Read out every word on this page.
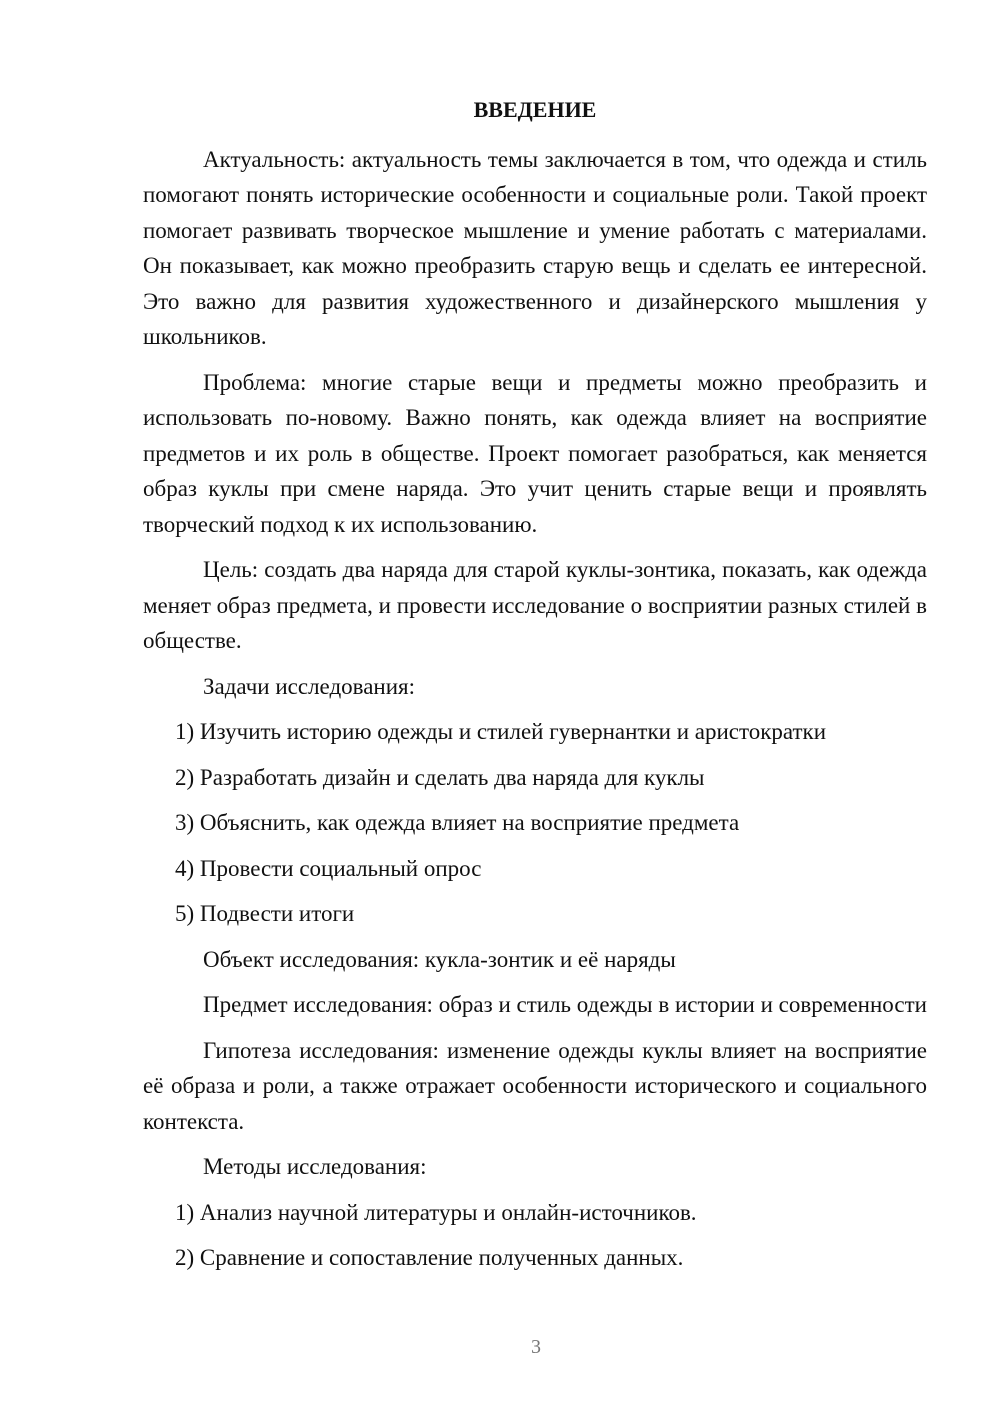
ВВЕДЕНИЕ

Актуальность: актуальность темы заключается в том, что одежда и стиль помогают понять исторические особенности и социальные роли. Такой проект помогает развивать творческое мышление и умение работать с материалами. Он показывает, как можно преобразить старую вещь и сделать ее интересной. Это важно для развития художественного и дизайнерского мышления у школьников.

Проблема: многие старые вещи и предметы можно преобразить и использовать по-новому. Важно понять, как одежда влияет на восприятие предметов и их роль в обществе. Проект помогает разобраться, как меняется образ куклы при смене наряда. Это учит ценить старые вещи и проявлять творческий подход к их использованию.

Цель: создать два наряда для старой куклы-зонтика, показать, как одежда меняет образ предмета, и провести исследование о восприятии разных стилей в обществе.

Задачи исследования:

1) Изучить историю одежды и стилей гувернантки и аристократки
2) Разработать дизайн и сделать два наряда для куклы
3) Объяснить, как одежда влияет на восприятие предмета
4) Провести социальный опрос
5) Подвести итоги

Объект исследования: кукла-зонтик и её наряды

Предмет исследования: образ и стиль одежды в истории и современности

Гипотеза исследования: изменение одежды куклы влияет на восприятие её образа и роли, а также отражает особенности исторического и социального контекста.

Методы исследования:

1) Анализ научной литературы и онлайн-источников.
2) Сравнение и сопоставление полученных данных.
3
